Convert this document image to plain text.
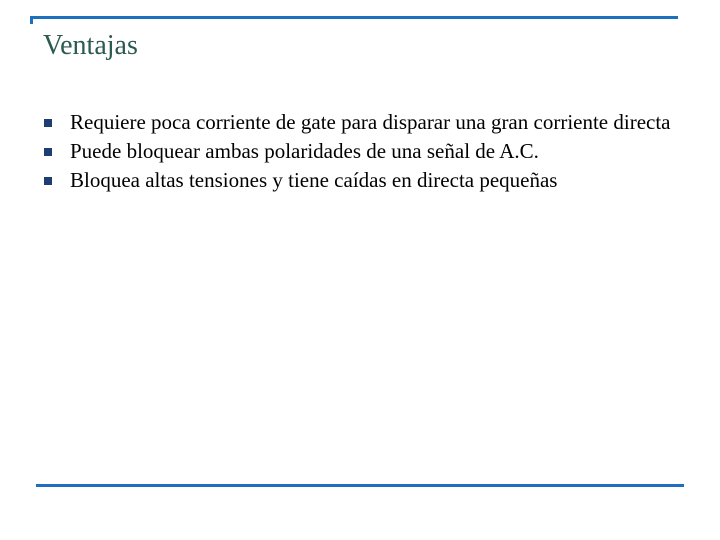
Ventajas
Requiere poca corriente de gate para disparar una gran corriente directa
Puede bloquear ambas polaridades de una señal de A.C.
Bloquea altas tensiones y tiene caídas en directa pequeñas
